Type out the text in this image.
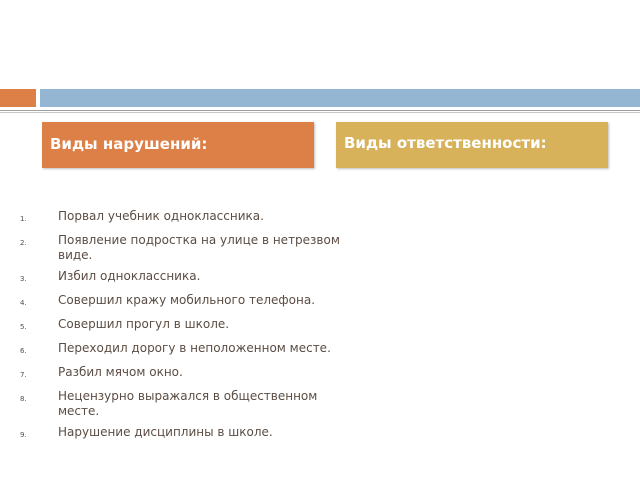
Виды нарушений:	Виды ответственности:
1.	Порвал учебник одноклассника.
2.	Появление подростка на улице в нетрезвом виде.
3.	Избил одноклассника.
4.	Совершил кражу мобильного телефона.
5.	Совершил прогул в школе.
6.	Переходил дорогу в неположенном месте.
7.	Разбил мячом окно.
8.	Нецензурно выражался в общественном месте.
9.	Нарушение дисциплины в школе.
